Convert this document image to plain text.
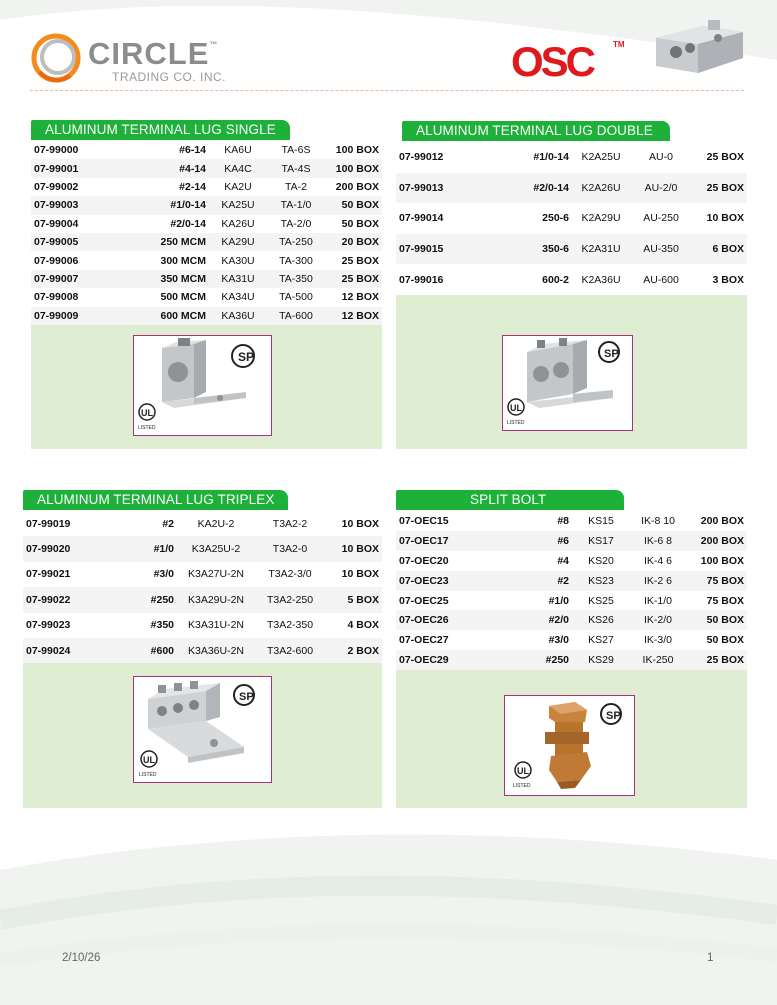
CIRCLE™
TRADING CO. INC.	OSC TM
ALUMINUM TERMINAL LUG SINGLE
07-99000	#6-14	KA6U	TA-6S	100 BOX
07-99001	#4-14	KA4C	TA-4S	100 BOX
07-99002	#2-14	KA2U	TA-2	200 BOX
07-99003	#1/0-14	KA25U	TA-1/0	50 BOX
07-99004	#2/0-14	KA26U	TA-2/0	50 BOX
07-99005	250 MCM	KA29U	TA-250	20 BOX
07-99006	300 MCM	KA30U	TA-300	25 BOX
07-99007	350 MCM	KA31U	TA-350	25 BOX
07-99008	500 MCM	KA34U	TA-500	12 BOX
07-99009	600 MCM	KA36U	TA-600	12 BOX
SP
UL
LISTED
ALUMINUM TERMINAL LUG DOUBLE
07-99012	#1/0-14	K2A25U	AU-0	25 BOX
07-99013	#2/0-14	K2A26U	AU-2/0	25 BOX
07-99014	250-6	K2A29U	AU-250	10 BOX
07-99015	350-6	K2A31U	AU-350	6 BOX
07-99016	600-2	K2A36U	AU-600	3 BOX
SP
UL
LISTED
ALUMINUM TERMINAL LUG TRIPLEX
07-99019	#2	KA2U-2	T3A2-2	10 BOX
07-99020	#1/0	K3A25U-2	T3A2-0	10 BOX
07-99021	#3/0	K3A27U-2N	T3A2-3/0	10 BOX
07-99022	#250	K3A29U-2N	T3A2-250	5 BOX
07-99023	#350	K3A31U-2N	T3A2-350	4 BOX
07-99024	#600	K3A36U-2N	T3A2-600	2 BOX
SP
UL
LISTED
SPLIT BOLT
07-OEC15	#8	KS15	IK-8 10	200 BOX
07-OEC17	#6	KS17	IK-6 8	200 BOX
07-OEC20	#4	KS20	IK-4 6	100 BOX
07-OEC23	#2	KS23	IK-2 6	75 BOX
07-OEC25	#1/0	KS25	IK-1/0	75 BOX
07-OEC26	#2/0	KS26	IK-2/0	50 BOX
07-OEC27	#3/0	KS27	IK-3/0	50 BOX
07-OEC29	#250	KS29	IK-250	25 BOX
SP
UL
LISTED
2/10/26	1
